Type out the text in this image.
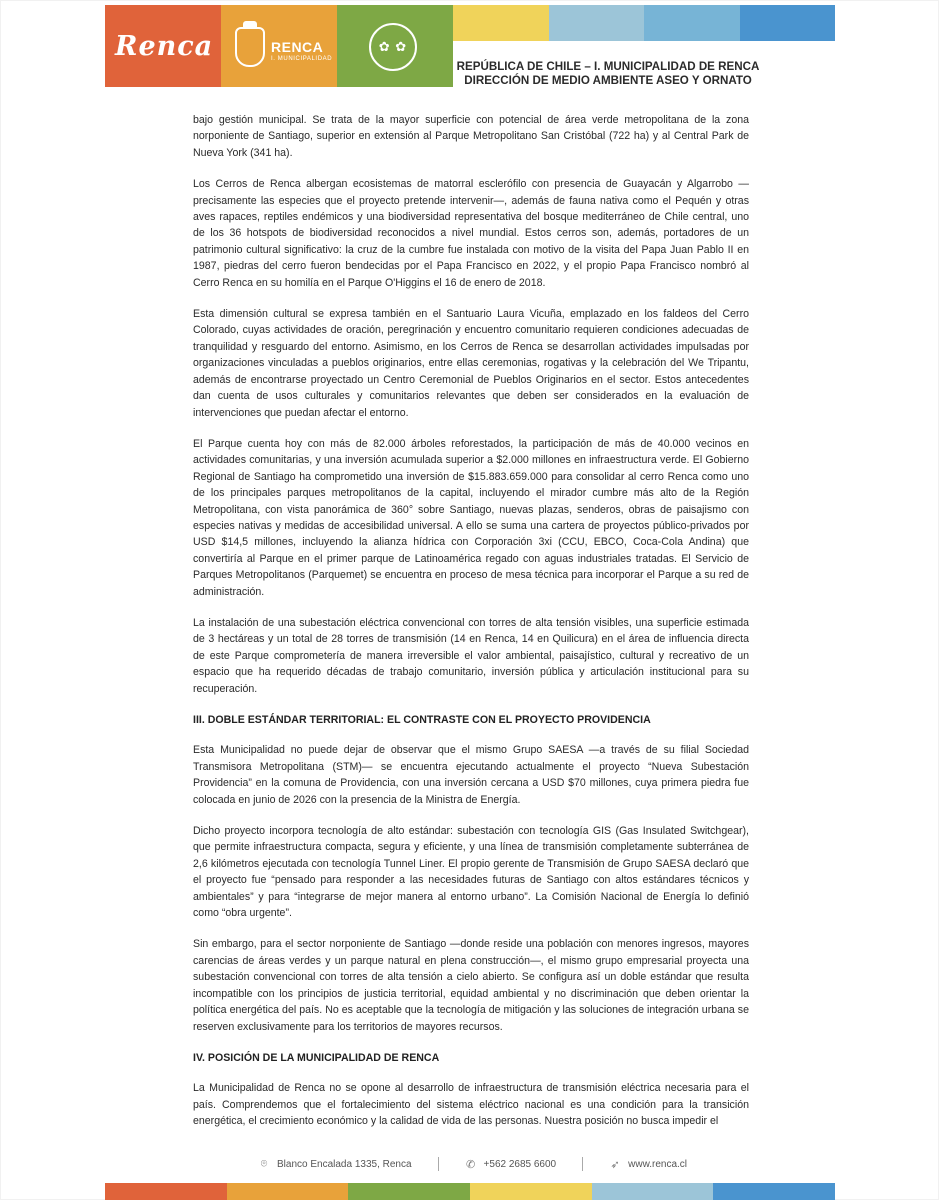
Renca	RENCA
I. MUNICIPALIDAD
✿ ✿
REPÚBLICA DE CHILE – I. MUNICIPALIDAD DE RENCA
DIRECCIÓN DE MEDIO AMBIENTE ASEO Y ORNATO

bajo gestión municipal. Se trata de la mayor superficie con potencial de área verde metropolitana de la zona norponiente de Santiago, superior en extensión al Parque Metropolitano San Cristóbal (722 ha) y al Central Park de Nueva York (341 ha).

Los Cerros de Renca albergan ecosistemas de matorral esclerófilo con presencia de Guayacán y Algarrobo —precisamente las especies que el proyecto pretende intervenir—, además de fauna nativa como el Pequén y otras aves rapaces, reptiles endémicos y una biodiversidad representativa del bosque mediterráneo de Chile central, uno de los 36 hotspots de biodiversidad reconocidos a nivel mundial. Estos cerros son, además, portadores de un patrimonio cultural significativo: la cruz de la cumbre fue instalada con motivo de la visita del Papa Juan Pablo II en 1987, piedras del cerro fueron bendecidas por el Papa Francisco en 2022, y el propio Papa Francisco nombró al Cerro Renca en su homilía en el Parque O'Higgins el 16 de enero de 2018.

Esta dimensión cultural se expresa también en el Santuario Laura Vicuña, emplazado en los faldeos del Cerro Colorado, cuyas actividades de oración, peregrinación y encuentro comunitario requieren condiciones adecuadas de tranquilidad y resguardo del entorno. Asimismo, en los Cerros de Renca se desarrollan actividades impulsadas por organizaciones vinculadas a pueblos originarios, entre ellas ceremonias, rogativas y la celebración del We Tripantu, además de encontrarse proyectado un Centro Ceremonial de Pueblos Originarios en el sector. Estos antecedentes dan cuenta de usos culturales y comunitarios relevantes que deben ser considerados en la evaluación de intervenciones que puedan afectar el entorno.

El Parque cuenta hoy con más de 82.000 árboles reforestados, la participación de más de 40.000 vecinos en actividades comunitarias, y una inversión acumulada superior a $2.000 millones en infraestructura verde. El Gobierno Regional de Santiago ha comprometido una inversión de $15.883.659.000 para consolidar al cerro Renca como uno de los principales parques metropolitanos de la capital, incluyendo el mirador cumbre más alto de la Región Metropolitana, con vista panorámica de 360° sobre Santiago, nuevas plazas, senderos, obras de paisajismo con especies nativas y medidas de accesibilidad universal. A ello se suma una cartera de proyectos público-privados por USD $14,5 millones, incluyendo la alianza hídrica con Corporación 3xi (CCU, EBCO, Coca-Cola Andina) que convertiría al Parque en el primer parque de Latinoamérica regado con aguas industriales tratadas. El Servicio de Parques Metropolitanos (Parquemet) se encuentra en proceso de mesa técnica para incorporar el Parque a su red de administración.

La instalación de una subestación eléctrica convencional con torres de alta tensión visibles, una superficie estimada de 3 hectáreas y un total de 28 torres de transmisión (14 en Renca, 14 en Quilicura) en el área de influencia directa de este Parque comprometería de manera irreversible el valor ambiental, paisajístico, cultural y recreativo de un espacio que ha requerido décadas de trabajo comunitario, inversión pública y articulación institucional para su recuperación.

III. DOBLE ESTÁNDAR TERRITORIAL: EL CONTRASTE CON EL PROYECTO PROVIDENCIA

Esta Municipalidad no puede dejar de observar que el mismo Grupo SAESA —a través de su filial Sociedad Transmisora Metropolitana (STM)— se encuentra ejecutando actualmente el proyecto “Nueva Subestación Providencia” en la comuna de Providencia, con una inversión cercana a USD $70 millones, cuya primera piedra fue colocada en junio de 2026 con la presencia de la Ministra de Energía.

Dicho proyecto incorpora tecnología de alto estándar: subestación con tecnología GIS (Gas Insulated Switchgear), que permite infraestructura compacta, segura y eficiente, y una línea de transmisión completamente subterránea de 2,6 kilómetros ejecutada con tecnología Tunnel Liner. El propio gerente de Transmisión de Grupo SAESA declaró que el proyecto fue “pensado para responder a las necesidades futuras de Santiago con altos estándares técnicos y ambientales” y para “integrarse de mejor manera al entorno urbano”. La Comisión Nacional de Energía lo definió como “obra urgente”.

Sin embargo, para el sector norponiente de Santiago —donde reside una población con menores ingresos, mayores carencias de áreas verdes y un parque natural en plena construcción—, el mismo grupo empresarial proyecta una subestación convencional con torres de alta tensión a cielo abierto. Se configura así un doble estándar que resulta incompatible con los principios de justicia territorial, equidad ambiental y no discriminación que deben orientar la política energética del país. No es aceptable que la tecnología de mitigación y las soluciones de integración urbana se reserven exclusivamente para los territorios de mayores recursos.

IV. POSICIÓN DE LA MUNICIPALIDAD DE RENCA

La Municipalidad de Renca no se opone al desarrollo de infraestructura de transmisión eléctrica necesaria para el país. Comprendemos que el fortalecimiento del sistema eléctrico nacional es una condición para la transición energética, el crecimiento económico y la calidad de vida de las personas. Nuestra posición no busca impedir el

⌾ Blanco Encalada 1335, Renca	✆ +562 2685 6600	➶ www.renca.cl
